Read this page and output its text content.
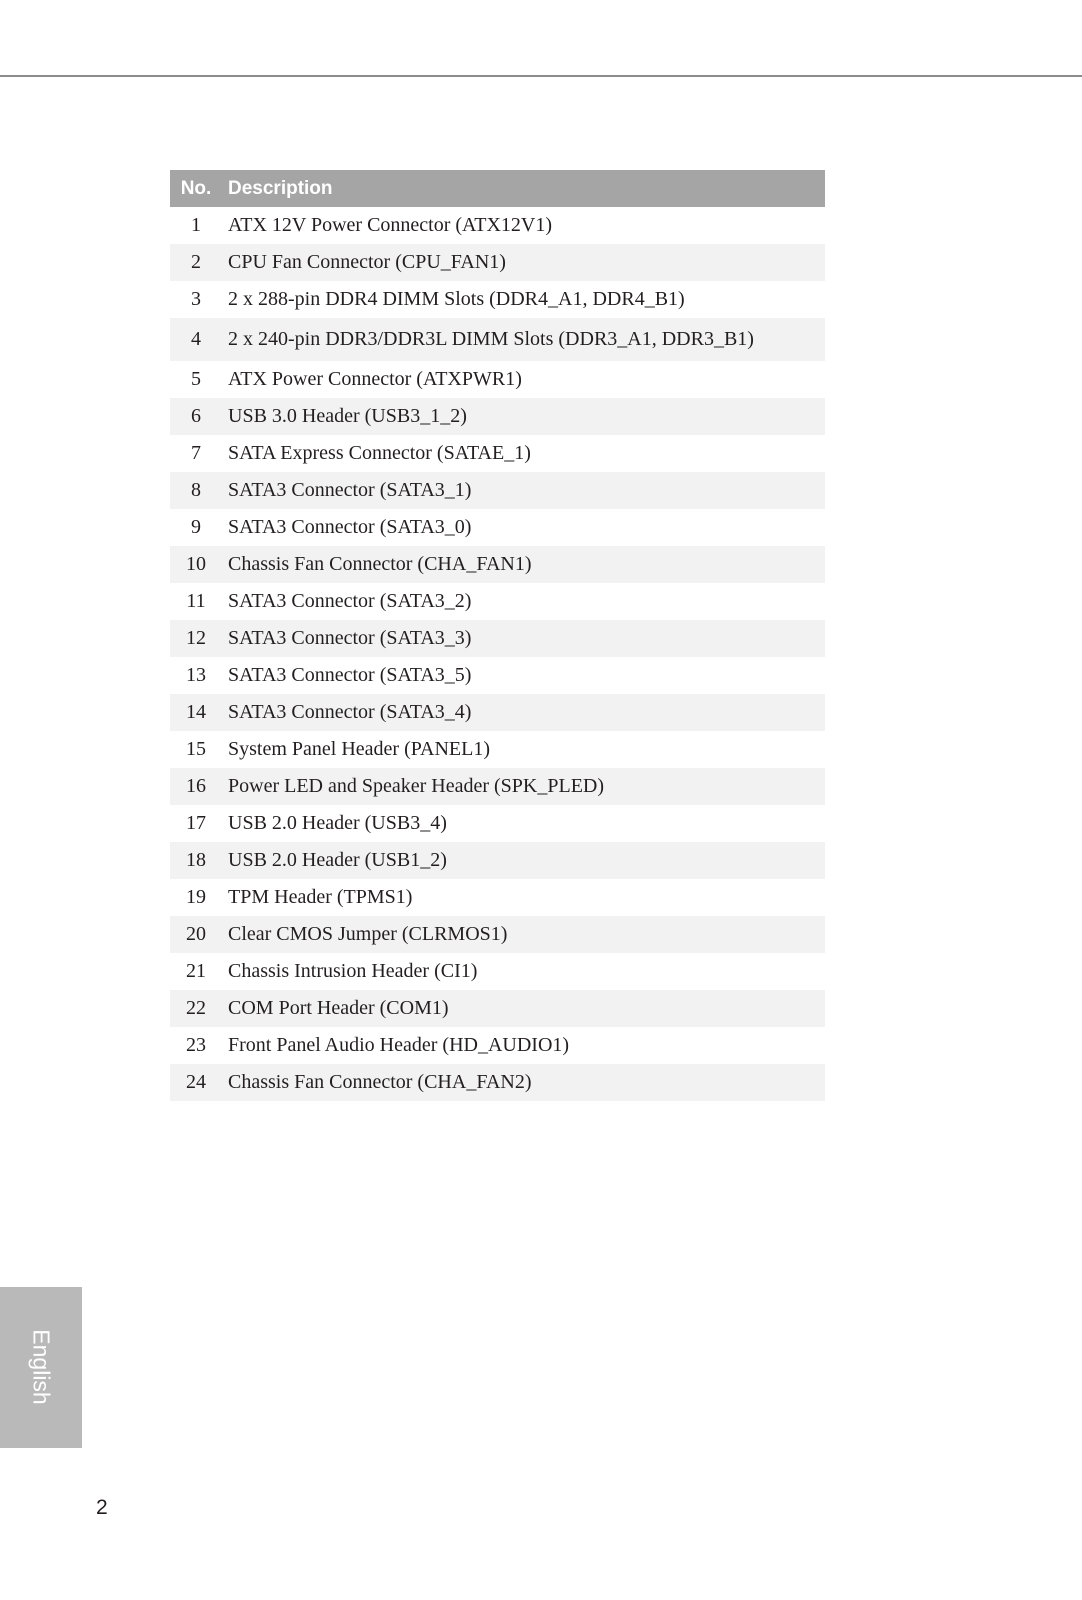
No.	Description
1	ATX 12V Power Connector (ATX12V1)
2	CPU Fan Connector (CPU_FAN1)
3	2 x 288-pin DDR4 DIMM Slots (DDR4_A1, DDR4_B1)
4	2 x 240-pin DDR3/DDR3L DIMM Slots (DDR3_A1, DDR3_B1)
5	ATX Power Connector (ATXPWR1)
6	USB 3.0 Header (USB3_1_2)
7	SATA Express Connector (SATAE_1)
8	SATA3 Connector (SATA3_1)
9	SATA3 Connector (SATA3_0)
10	Chassis Fan Connector (CHA_FAN1)
11	SATA3 Connector (SATA3_2)
12	SATA3 Connector (SATA3_3)
13	SATA3 Connector (SATA3_5)
14	SATA3 Connector (SATA3_4)
15	System Panel Header (PANEL1)
16	Power LED and Speaker Header (SPK_PLED)
17	USB 2.0 Header (USB3_4)
18	USB 2.0 Header (USB1_2)
19	TPM Header (TPMS1)
20	Clear CMOS Jumper (CLRMOS1)
21	Chassis Intrusion Header (CI1)
22	COM Port Header (COM1)
23	Front Panel Audio Header (HD_AUDIO1)
24	Chassis Fan Connector (CHA_FAN2)
English
2
